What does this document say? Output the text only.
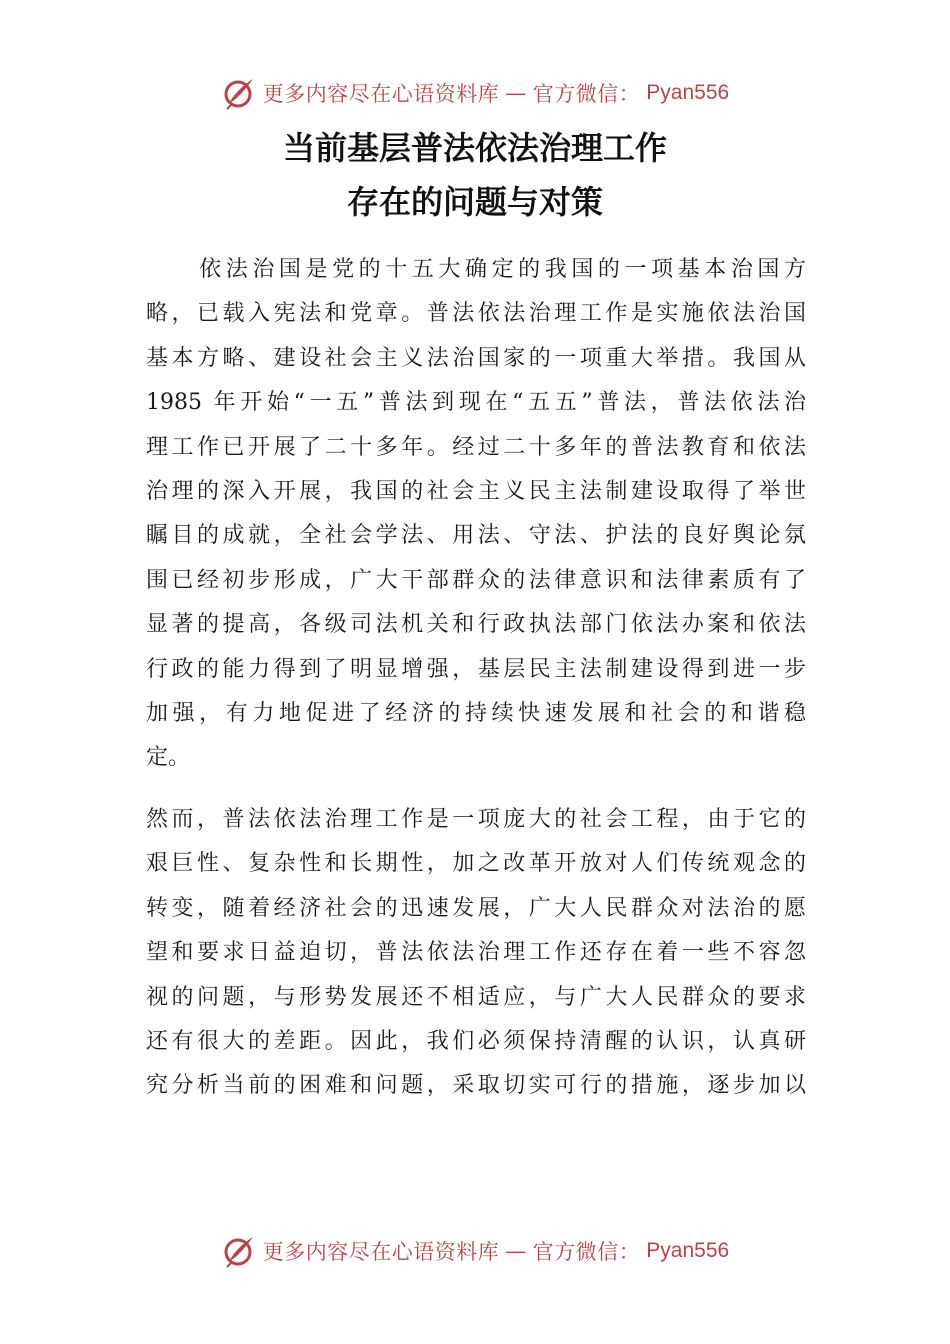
更多内容尽在心语资料库 — 官方微信： Pyan556
当前基层普法依法治理工作
存在的问题与对策
　　依法治国是党的十五大确定的我国的一项基本治国方
略，已载入宪法和党章。普法依法治理工作是实施依法治国
基本方略、建设社会主义法治国家的一项重大举措。我国从
1985 年开始“一五”普法到现在“五五”普法，普法依法治
理工作已开展了二十多年。经过二十多年的普法教育和依法
治理的深入开展，我国的社会主义民主法制建设取得了举世
瞩目的成就，全社会学法、用法、守法、护法的良好舆论氛
围已经初步形成，广大干部群众的法律意识和法律素质有了
显著的提高，各级司法机关和行政执法部门依法办案和依法
行政的能力得到了明显增强，基层民主法制建设得到进一步
加强，有力地促进了经济的持续快速发展和社会的和谐稳
定。
然而，普法依法治理工作是一项庞大的社会工程，由于它的
艰巨性、复杂性和长期性，加之改革开放对人们传统观念的
转变，随着经济社会的迅速发展，广大人民群众对法治的愿
望和要求日益迫切，普法依法治理工作还存在着一些不容忽
视的问题，与形势发展还不相适应，与广大人民群众的要求
还有很大的差距。因此，我们必须保持清醒的认识，认真研
究分析当前的困难和问题，采取切实可行的措施，逐步加以
更多内容尽在心语资料库 — 官方微信： Pyan556
